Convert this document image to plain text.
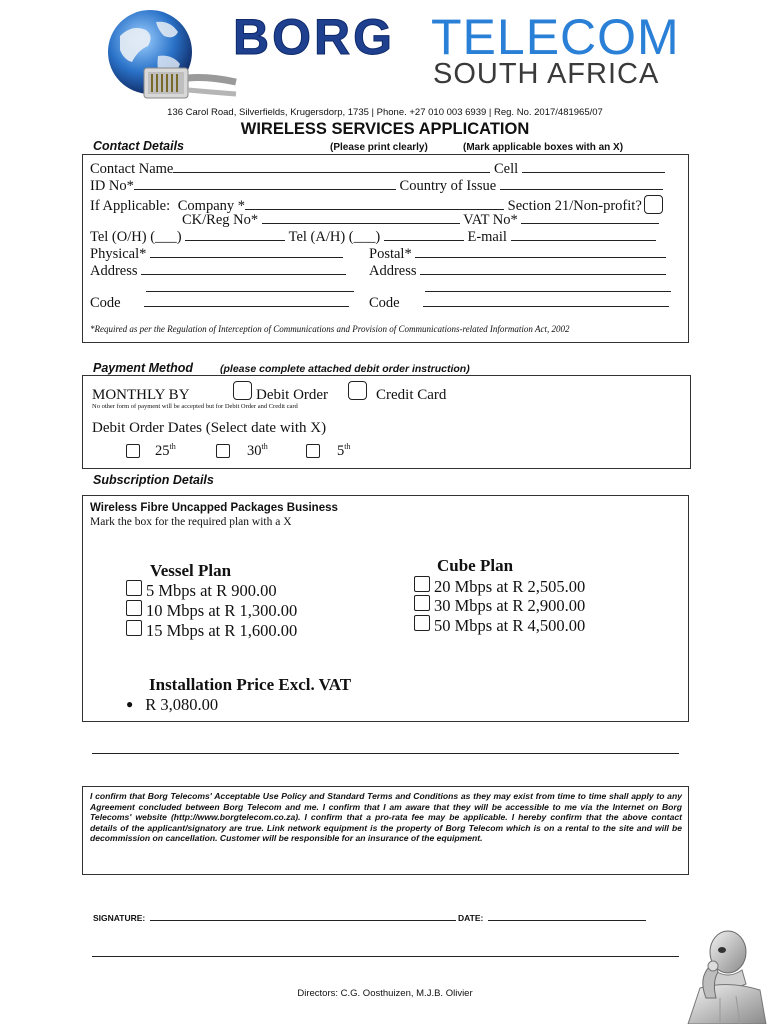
BORG TELECOM
SOUTH AFRICA
136 Carol Road, Silverfields, Krugersdorp, 1735 | Phone. +27 010 003 6939 | Reg. No. 2017/481965/07
WIRELESS SERVICES APPLICATION
Contact Details	(Please print clearly)	(Mark applicable boxes with an X)
Contact Name	Cell
ID No*	Country of Issue
If Applicable: Company *	Section 21/Non-profit?
CK/Reg No*	VAT No*
Tel (O/H) (___)	Tel (A/H) (___)	E-mail
Physical*	Postal*
Address	Address
Code	Code
*Required as per the Regulation of Interception of Communications and Provision of Communications-related Information Act, 2002
Payment Method	(please complete attached debit order instruction)
MONTHLY BY	Debit Order	Credit Card
No other form of payment will be accepted but for Debit Order and Credit card
Debit Order Dates (Select date with X)
25th	30th	5th
Subscription Details
Wireless Fibre Uncapped Packages Business
Mark the box for the required plan with a X
Vessel Plan
5 Mbps at R 900.00
10 Mbps at R 1,300.00
15 Mbps at R 1,600.00
Cube Plan
20 Mbps at R 2,505.00
30 Mbps at R 2,900.00
50 Mbps at R 4,500.00
Installation Price Excl. VAT
● R 3,080.00
I confirm that Borg Telecoms' Acceptable Use Policy and Standard Terms and Conditions as they may exist from time to time shall apply to any Agreement concluded between Borg Telecom and me. I confirm that I am aware that they will be accessible to me via the Internet on Borg Telecoms' website (http://www.borgtelecom.co.za). I confirm that a pro-rata fee may be applicable. I hereby confirm that the above contact details of the applicant/signatory are true. Link network equipment is the property of Borg Telecom which is on a rental to the site and will be decommission on cancellation. Customer will be responsible for an insurance of the equipment.
SIGNATURE:	DATE:
Directors: C.G. Oosthuizen, M.J.B. Olivier
